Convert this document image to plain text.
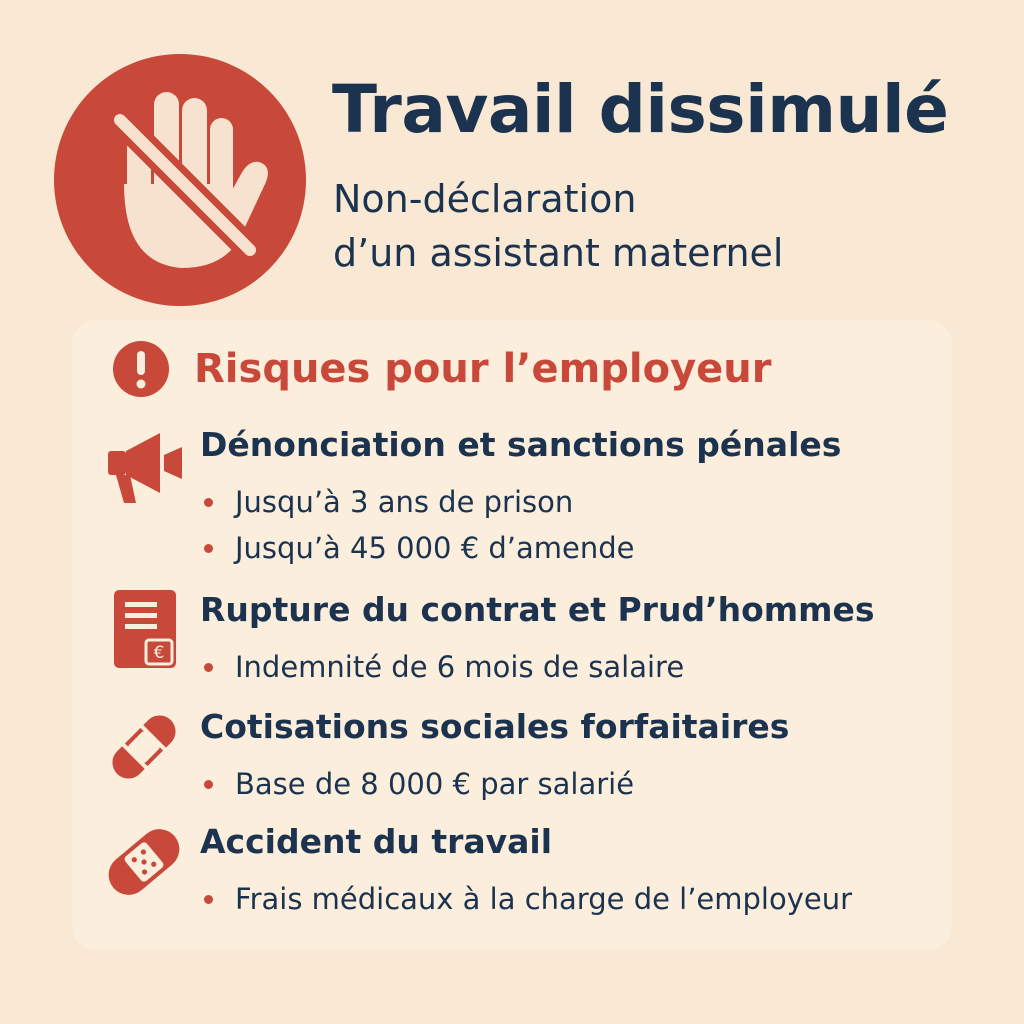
Travail dissimulé
Non-déclaration
d’un assistant maternel
Risques pour l’employeur
Dénonciation et sanctions pénales
Jusqu’à 3 ans de prison
Jusqu’à 45 000 € d’amende
€
Rupture du contrat et Prud’hommes
Indemnité de 6 mois de salaire
Cotisations sociales forfaitaires
Base de 8 000 € par salarié
Accident du travail
Frais médicaux à la charge de l’employeur
